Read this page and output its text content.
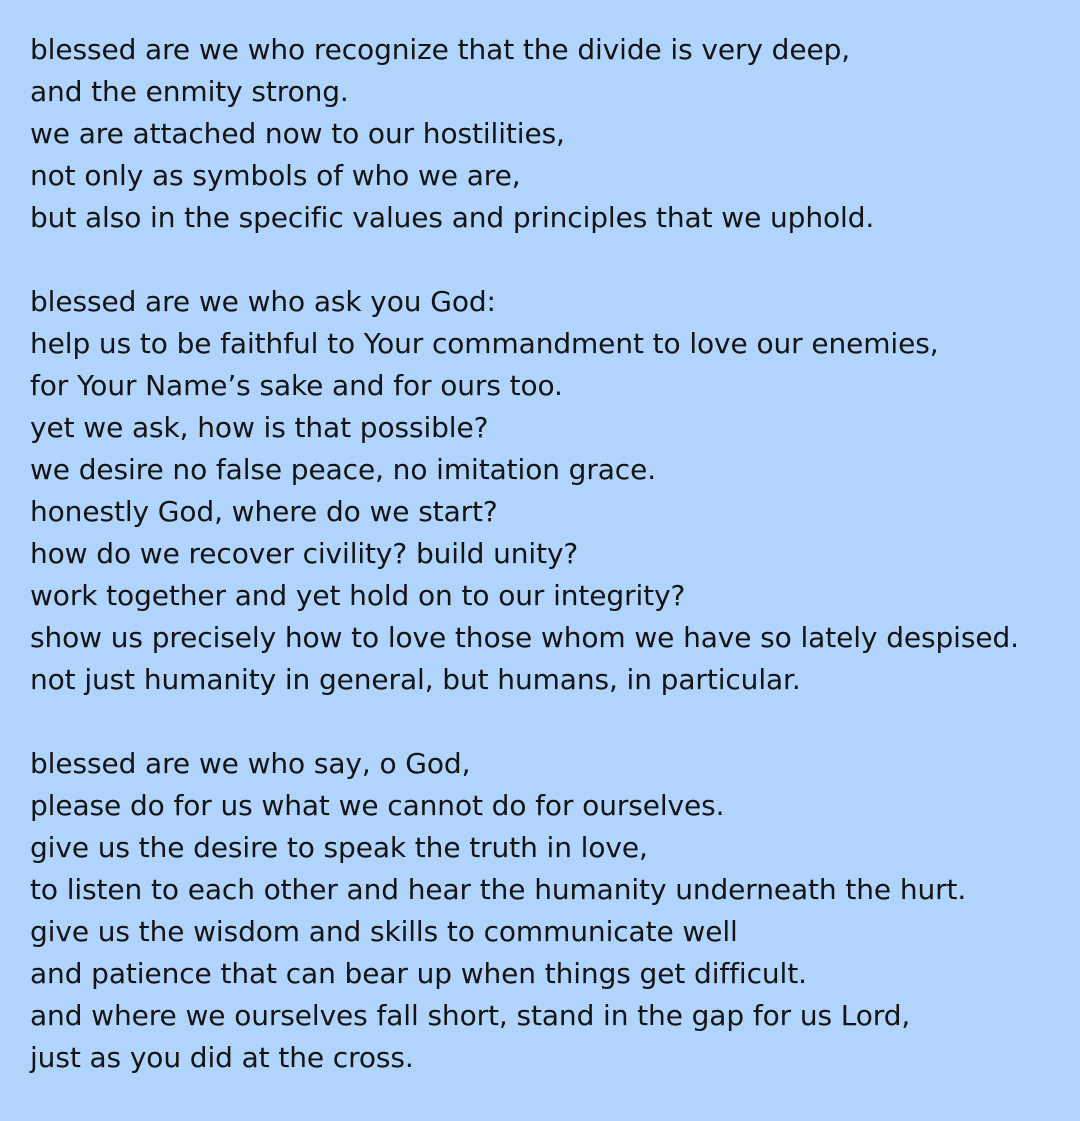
blessed are we who recognize that the divide is very deep,
and the enmity strong.
we are attached now to our hostilities,
not only as symbols of who we are,
but also in the specific values and principles that we uphold.
blessed are we who ask you God:
help us to be faithful to Your commandment to love our enemies,
for Your Name’s sake and for ours too.
yet we ask, how is that possible?
we desire no false peace, no imitation grace.
honestly God, where do we start?
how do we recover civility? build unity?
work together and yet hold on to our integrity?
show us precisely how to love those whom we have so lately despised.
not just humanity in general, but humans, in particular.
blessed are we who say, o God,
please do for us what we cannot do for ourselves.
give us the desire to speak the truth in love,
to listen to each other and hear the humanity underneath the hurt.
give us the wisdom and skills to communicate well
and patience that can bear up when things get difficult.
and where we ourselves fall short, stand in the gap for us Lord,
just as you did at the cross.
